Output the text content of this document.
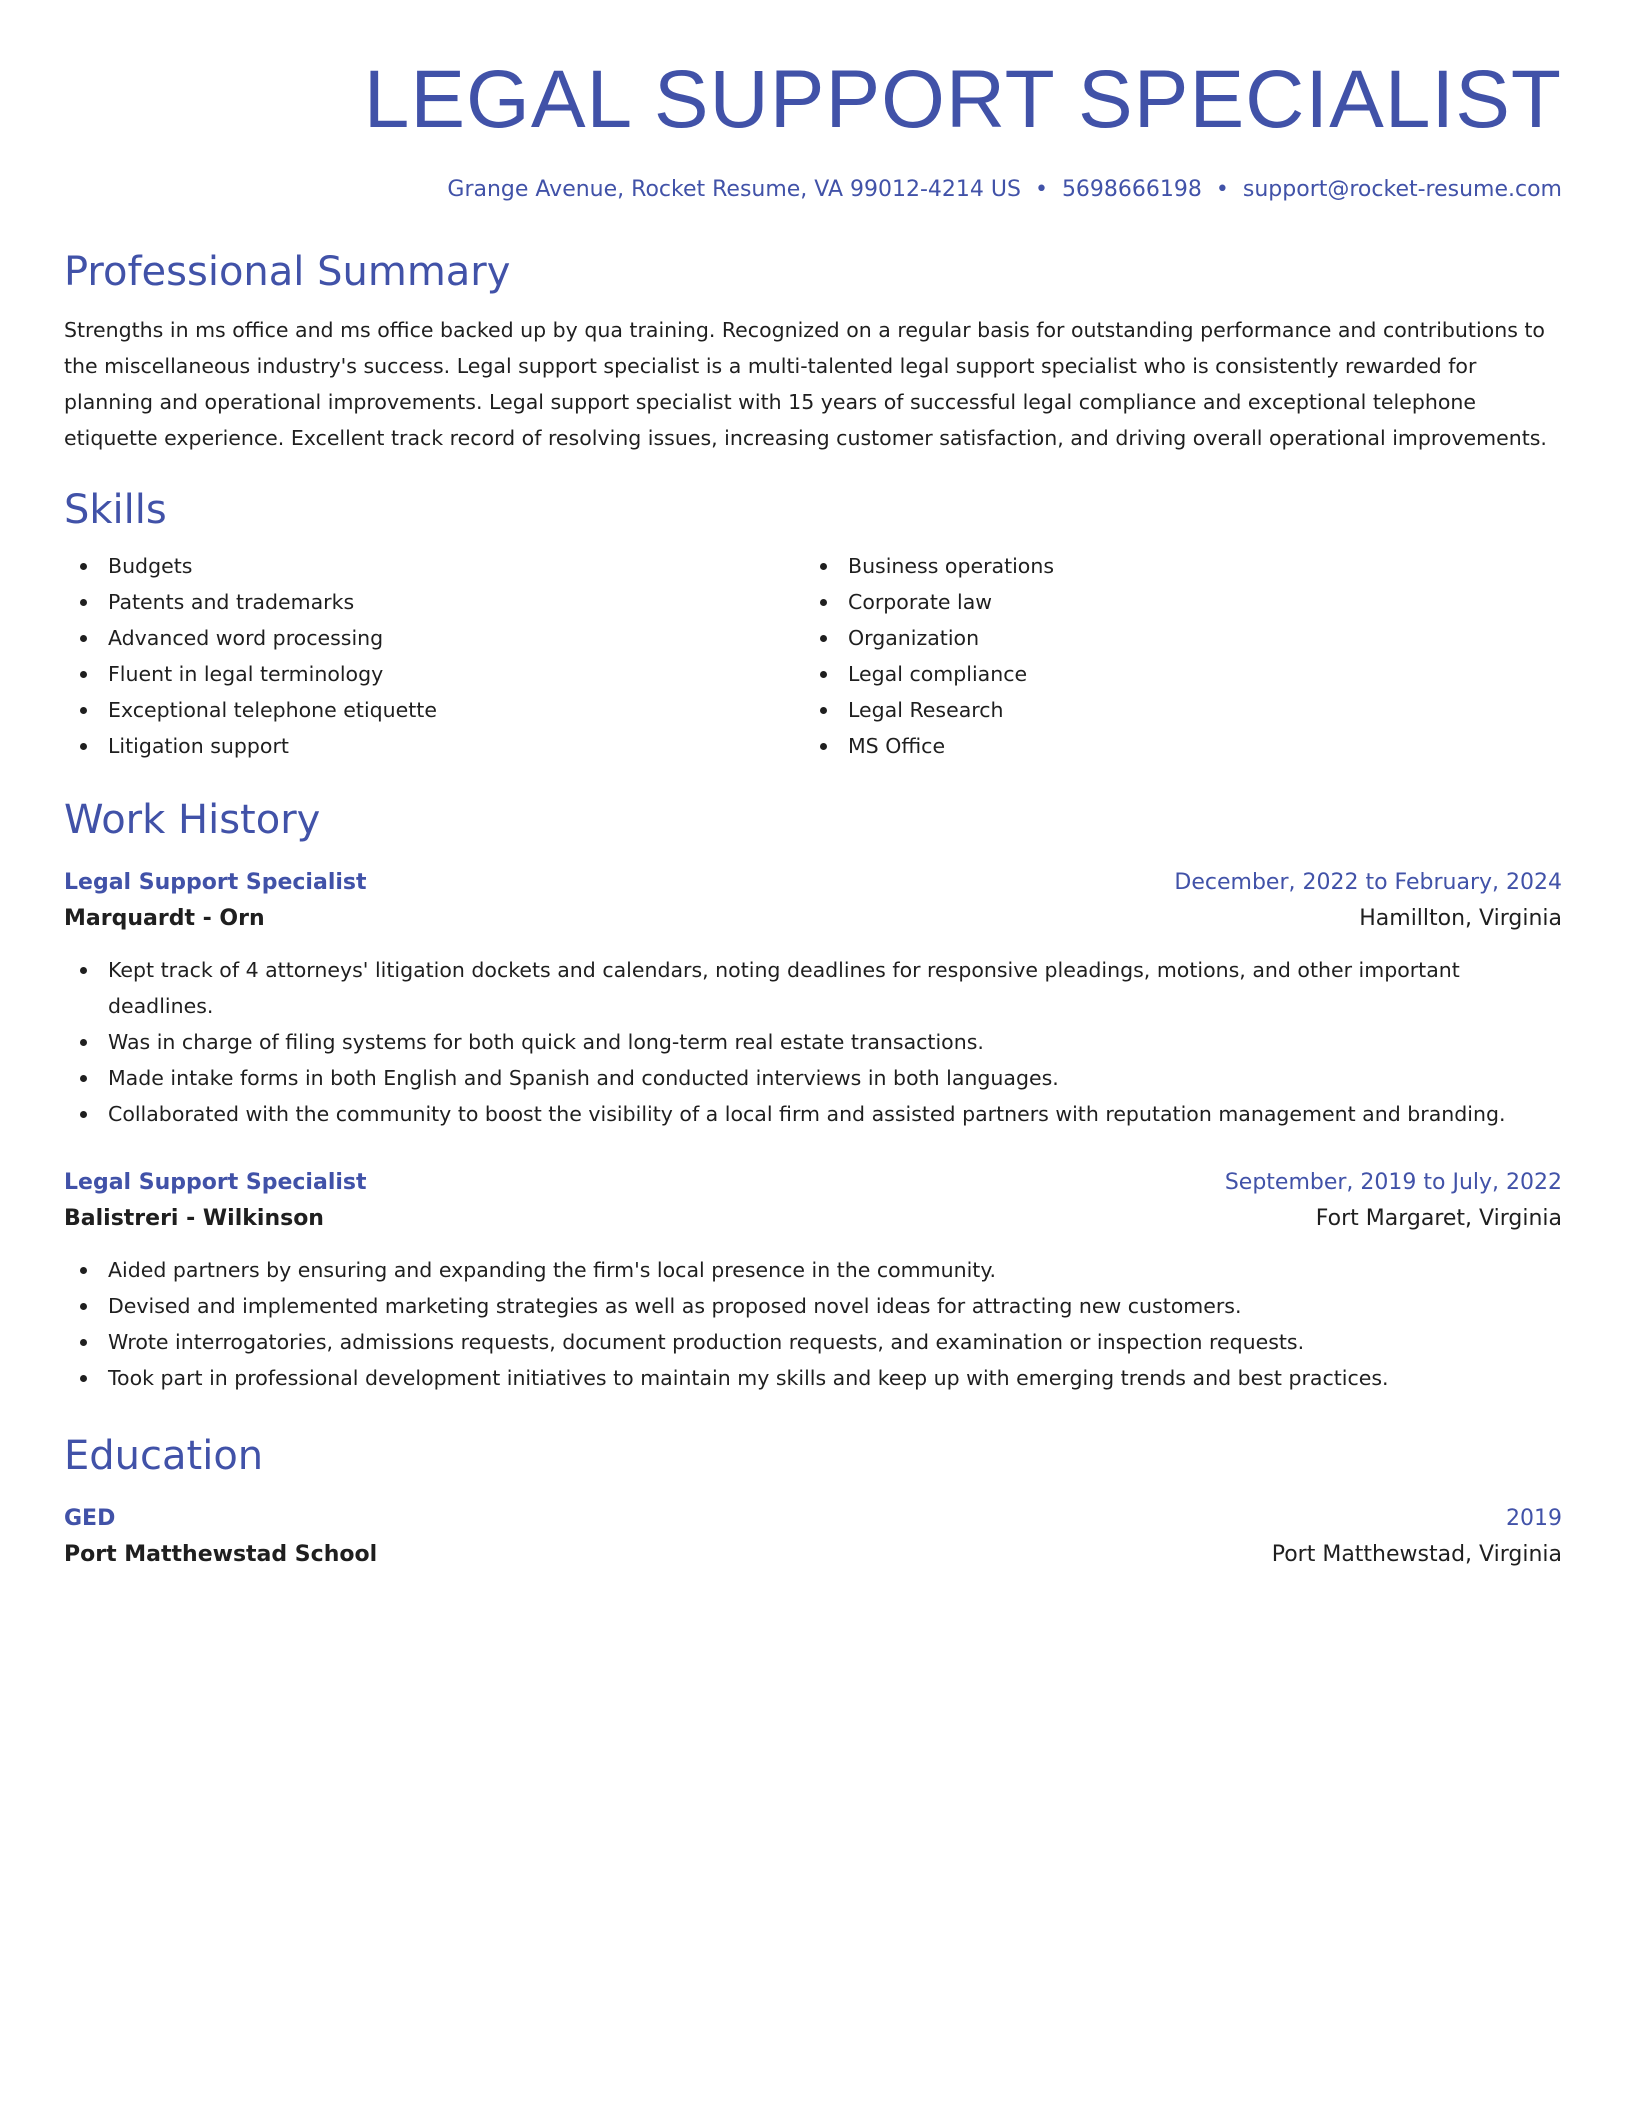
LEGAL SUPPORT SPECIALIST
Grange Avenue, Rocket Resume, VA 99012-4214 US • 5698666198 • support@rocket-resume.com
Professional Summary

Strengths in ms office and ms office backed up by qua training. Recognized on a regular basis for outstanding performance and contributions to the miscellaneous industry's success. Legal support specialist is a multi-talented legal support specialist who is consistently rewarded for planning and operational improvements. Legal support specialist with 15 years of successful legal compliance and exceptional telephone etiquette experience. Excellent track record of resolving issues, increasing customer satisfaction, and driving overall operational improvements.

Skills
Budgets
Patents and trademarks
Advanced word processing
Fluent in legal terminology
Exceptional telephone etiquette
Litigation support
Business operations
Corporate law
Organization
Legal compliance
Legal Research
MS Office
Work History
Legal Support Specialist	December, 2022 to February, 2024
Marquardt - Orn	Hamillton, Virginia
Kept track of 4 attorneys' litigation dockets and calendars, noting deadlines for responsive pleadings, motions, and other important deadlines.
Was in charge of filing systems for both quick and long-term real estate transactions.
Made intake forms in both English and Spanish and conducted interviews in both languages.
Collaborated with the community to boost the visibility of a local firm and assisted partners with reputation management and branding.
Legal Support Specialist	September, 2019 to July, 2022
Balistreri - Wilkinson	Fort Margaret, Virginia
Aided partners by ensuring and expanding the firm's local presence in the community.
Devised and implemented marketing strategies as well as proposed novel ideas for attracting new customers.
Wrote interrogatories, admissions requests, document production requests, and examination or inspection requests.
Took part in professional development initiatives to maintain my skills and keep up with emerging trends and best practices.
Education
GED	2019
Port Matthewstad School	Port Matthewstad, Virginia
